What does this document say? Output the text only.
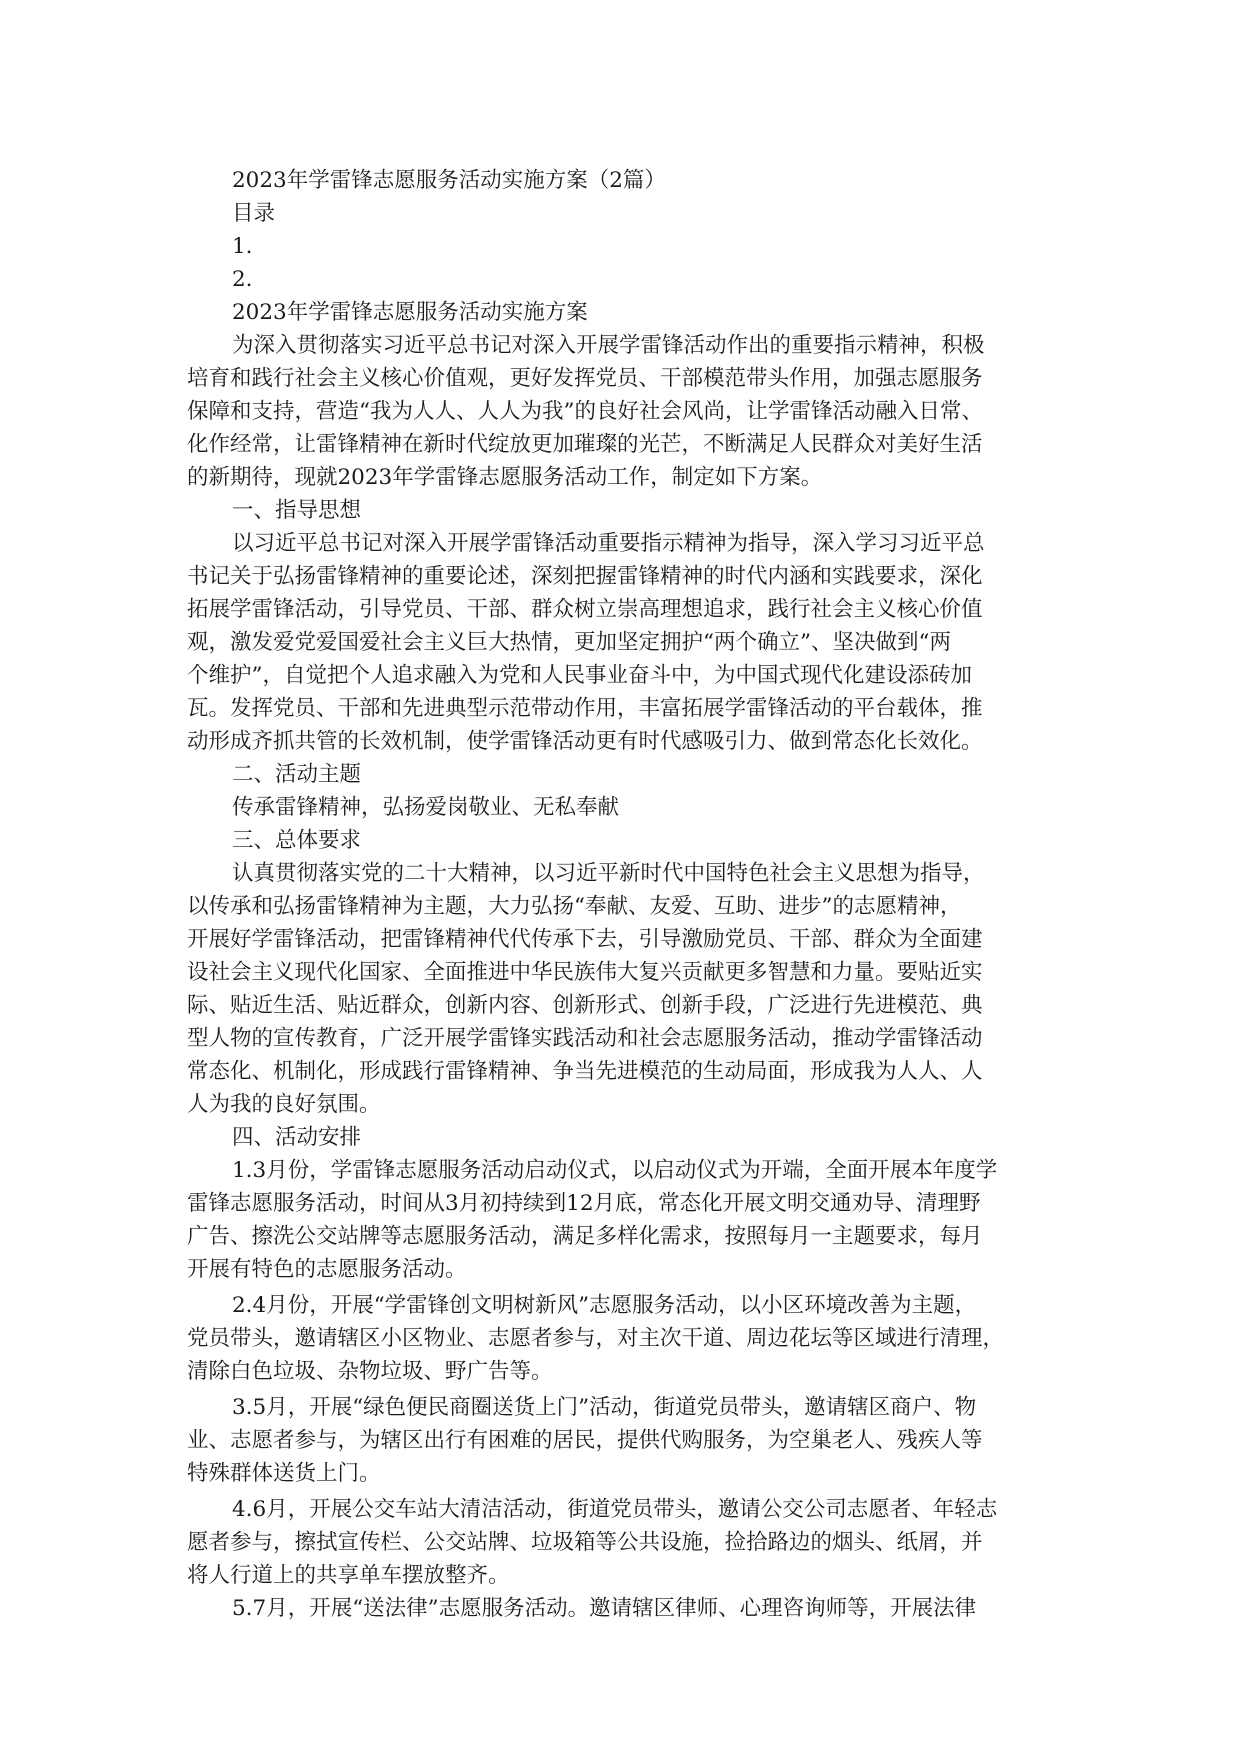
2023年学雷锋志愿服务活动实施方案（2篇）

目录

1.

2.

2023年学雷锋志愿服务活动实施方案

为深入贯彻落实习近平总书记对深入开展学雷锋活动作出的重要指示精神，积极

培育和践行社会主义核心价值观，更好发挥党员、干部模范带头作用，加强志愿服务

保障和支持，营造“我为人人、人人为我”的良好社会风尚，让学雷锋活动融入日常、

化作经常，让雷锋精神在新时代绽放更加璀璨的光芒，不断满足人民群众对美好生活

的新期待，现就2023年学雷锋志愿服务活动工作，制定如下方案。

一、指导思想

以习近平总书记对深入开展学雷锋活动重要指示精神为指导，深入学习习近平总

书记关于弘扬雷锋精神的重要论述，深刻把握雷锋精神的时代内涵和实践要求，深化

拓展学雷锋活动，引导党员、干部、群众树立崇高理想追求，践行社会主义核心价值

观，激发爱党爱国爱社会主义巨大热情，更加坚定拥护“两个确立”、坚决做到“两

个维护”，自觉把个人追求融入为党和人民事业奋斗中，为中国式现代化建设添砖加

瓦。发挥党员、干部和先进典型示范带动作用，丰富拓展学雷锋活动的平台载体，推

动形成齐抓共管的长效机制，使学雷锋活动更有时代感吸引力、做到常态化长效化。

二、活动主题

传承雷锋精神，弘扬爱岗敬业、无私奉献

三、总体要求

认真贯彻落实党的二十大精神，以习近平新时代中国特色社会主义思想为指导，

以传承和弘扬雷锋精神为主题，大力弘扬“奉献、友爱、互助、进步”的志愿精神，

开展好学雷锋活动，把雷锋精神代代传承下去，引导激励党员、干部、群众为全面建

设社会主义现代化国家、全面推进中华民族伟大复兴贡献更多智慧和力量。要贴近实

际、贴近生活、贴近群众，创新内容、创新形式、创新手段，广泛进行先进模范、典

型人物的宣传教育，广泛开展学雷锋实践活动和社会志愿服务活动，推动学雷锋活动

常态化、机制化，形成践行雷锋精神、争当先进模范的生动局面，形成我为人人、人

人为我的良好氛围。

四、活动安排

1.3月份，学雷锋志愿服务活动启动仪式，以启动仪式为开端，全面开展本年度学

雷锋志愿服务活动，时间从3月初持续到12月底，常态化开展文明交通劝导、清理野

广告、擦洗公交站牌等志愿服务活动，满足多样化需求，按照每月一主题要求，每月

开展有特色的志愿服务活动。

2.4月份，开展“学雷锋创文明树新风”志愿服务活动，以小区环境改善为主题，

党员带头，邀请辖区小区物业、志愿者参与，对主次干道、周边花坛等区域进行清理，

清除白色垃圾、杂物垃圾、野广告等。

3.5月，开展“绿色便民商圈送货上门”活动，街道党员带头，邀请辖区商户、物

业、志愿者参与，为辖区出行有困难的居民，提供代购服务，为空巢老人、残疾人等

特殊群体送货上门。

4.6月，开展公交车站大清洁活动，街道党员带头，邀请公交公司志愿者、年轻志

愿者参与，擦拭宣传栏、公交站牌、垃圾箱等公共设施，捡拾路边的烟头、纸屑，并

将人行道上的共享单车摆放整齐。

5.7月，开展“送法律”志愿服务活动。邀请辖区律师、心理咨询师等，开展法律
